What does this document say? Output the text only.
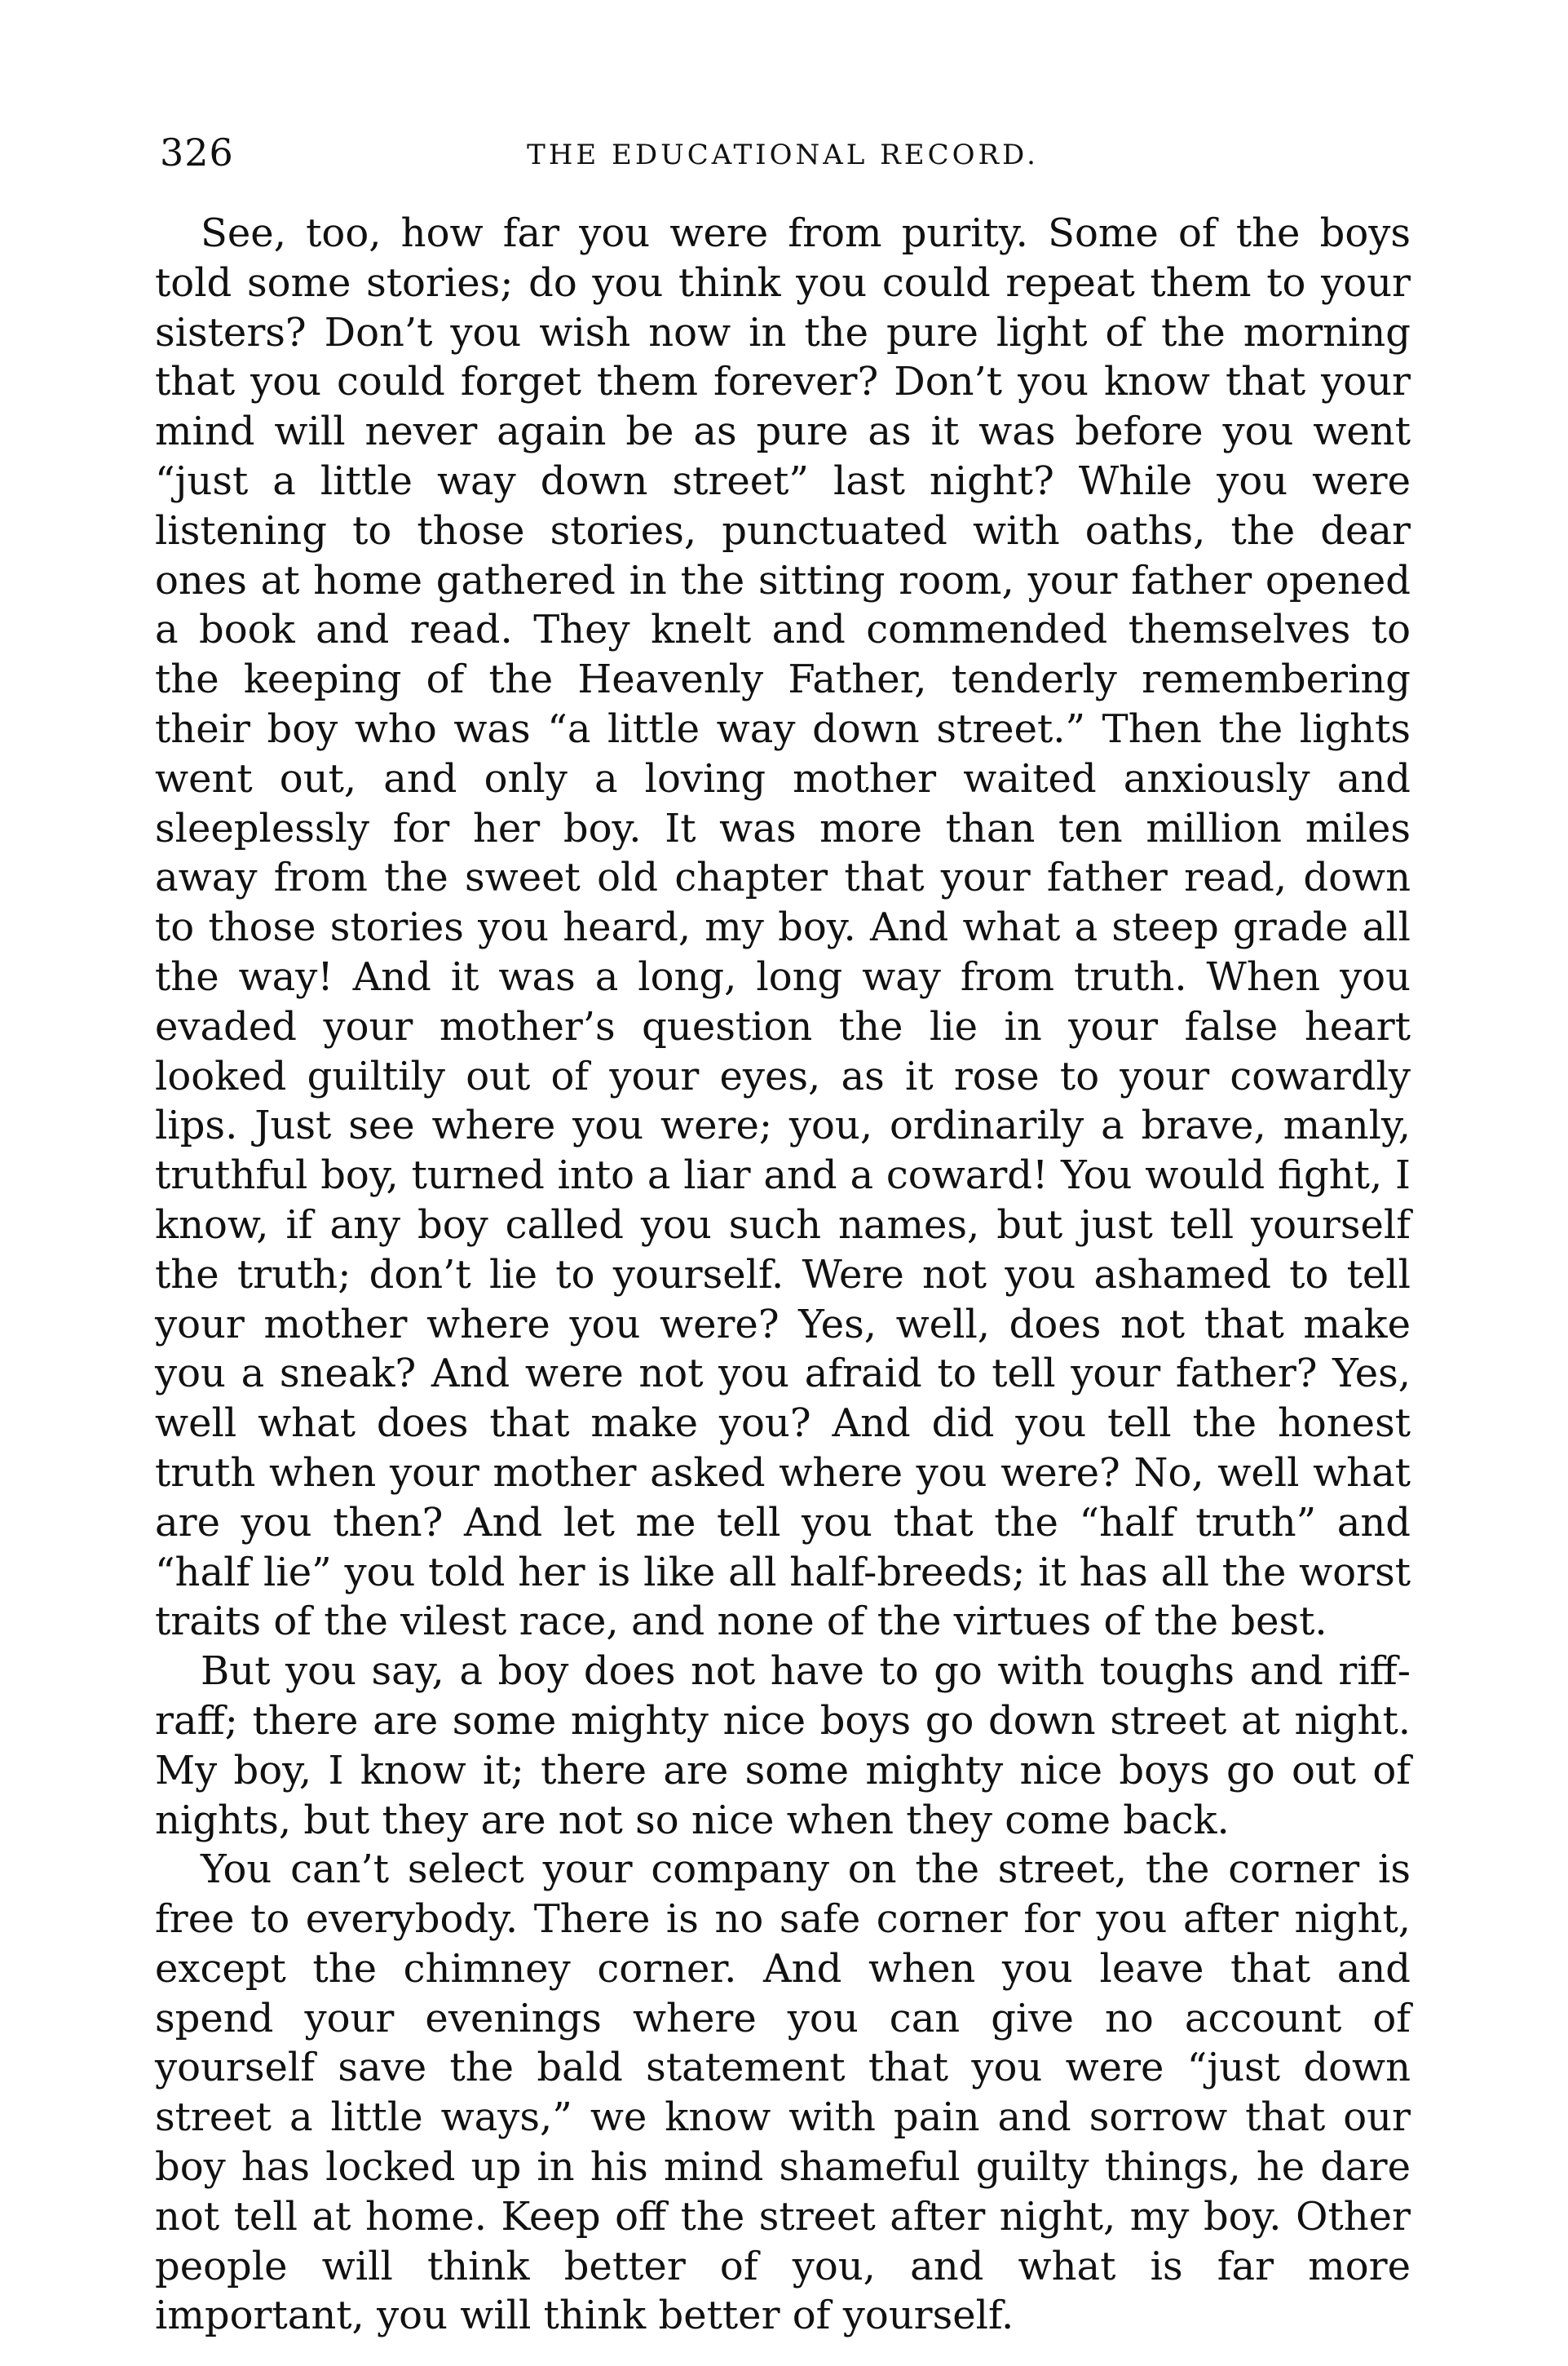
326	THE EDUCATIONAL RECORD.

See, too, how far you were from purity. Some of the boys told some stories; do you think you could repeat them to your sisters? Don’t you wish now in the pure light of the morning that you could forget them forever? Don’t you know that your mind will never again be as pure as it was before you went “just a little way down street” last night? While you were listening to those stories, punctuated with oaths, the dear ones at home gathered in the sitting room, your father opened a book and read. They knelt and commended themselves to the keeping of the Heavenly Father, tenderly remembering their boy who was “a little way down street.” Then the lights went out, and only a loving mother waited anxiously and sleeplessly for her boy. It was more than ten million miles away from the sweet old chapter that your father read, down to those stories you heard, my boy. And what a steep grade all the way! And it was a long, long way from truth. When you evaded your mother’s question the lie in your false heart looked guiltily out of your eyes, as it rose to your cowardly lips. Just see where you were; you, ordinarily a brave, manly, truthful boy, turned into a liar and a coward! You would fight, I know, if any boy called you such names, but just tell yourself the truth; don’t lie to yourself. Were not you ashamed to tell your mother where you were? Yes, well, does not that make you a sneak? And were not you afraid to tell your father? Yes, well what does that make you? And did you tell the honest truth when your mother asked where you were? No, well what are you then? And let me tell you that the “half truth” and “half lie” you told her is like all half-breeds; it has all the worst traits of the vilest race, and none of the virtues of the best.

But you say, a boy does not have to go with toughs and riffraff; there are some mighty nice boys go down street at night. My boy, I know it; there are some mighty nice boys go out of nights, but they are not so nice when they come back.

You can’t select your company on the street, the corner is free to everybody. There is no safe corner for you after night, except the chimney corner. And when you leave that and spend your evenings where you can give no account of yourself save the bald statement that you were “just down street a little ways,” we know with pain and sorrow that our boy has locked up in his mind shameful guilty things, he dare not tell at home. Keep off the street after night, my boy. Other people will think better of you, and what is far more important, you will think better of yourself.
